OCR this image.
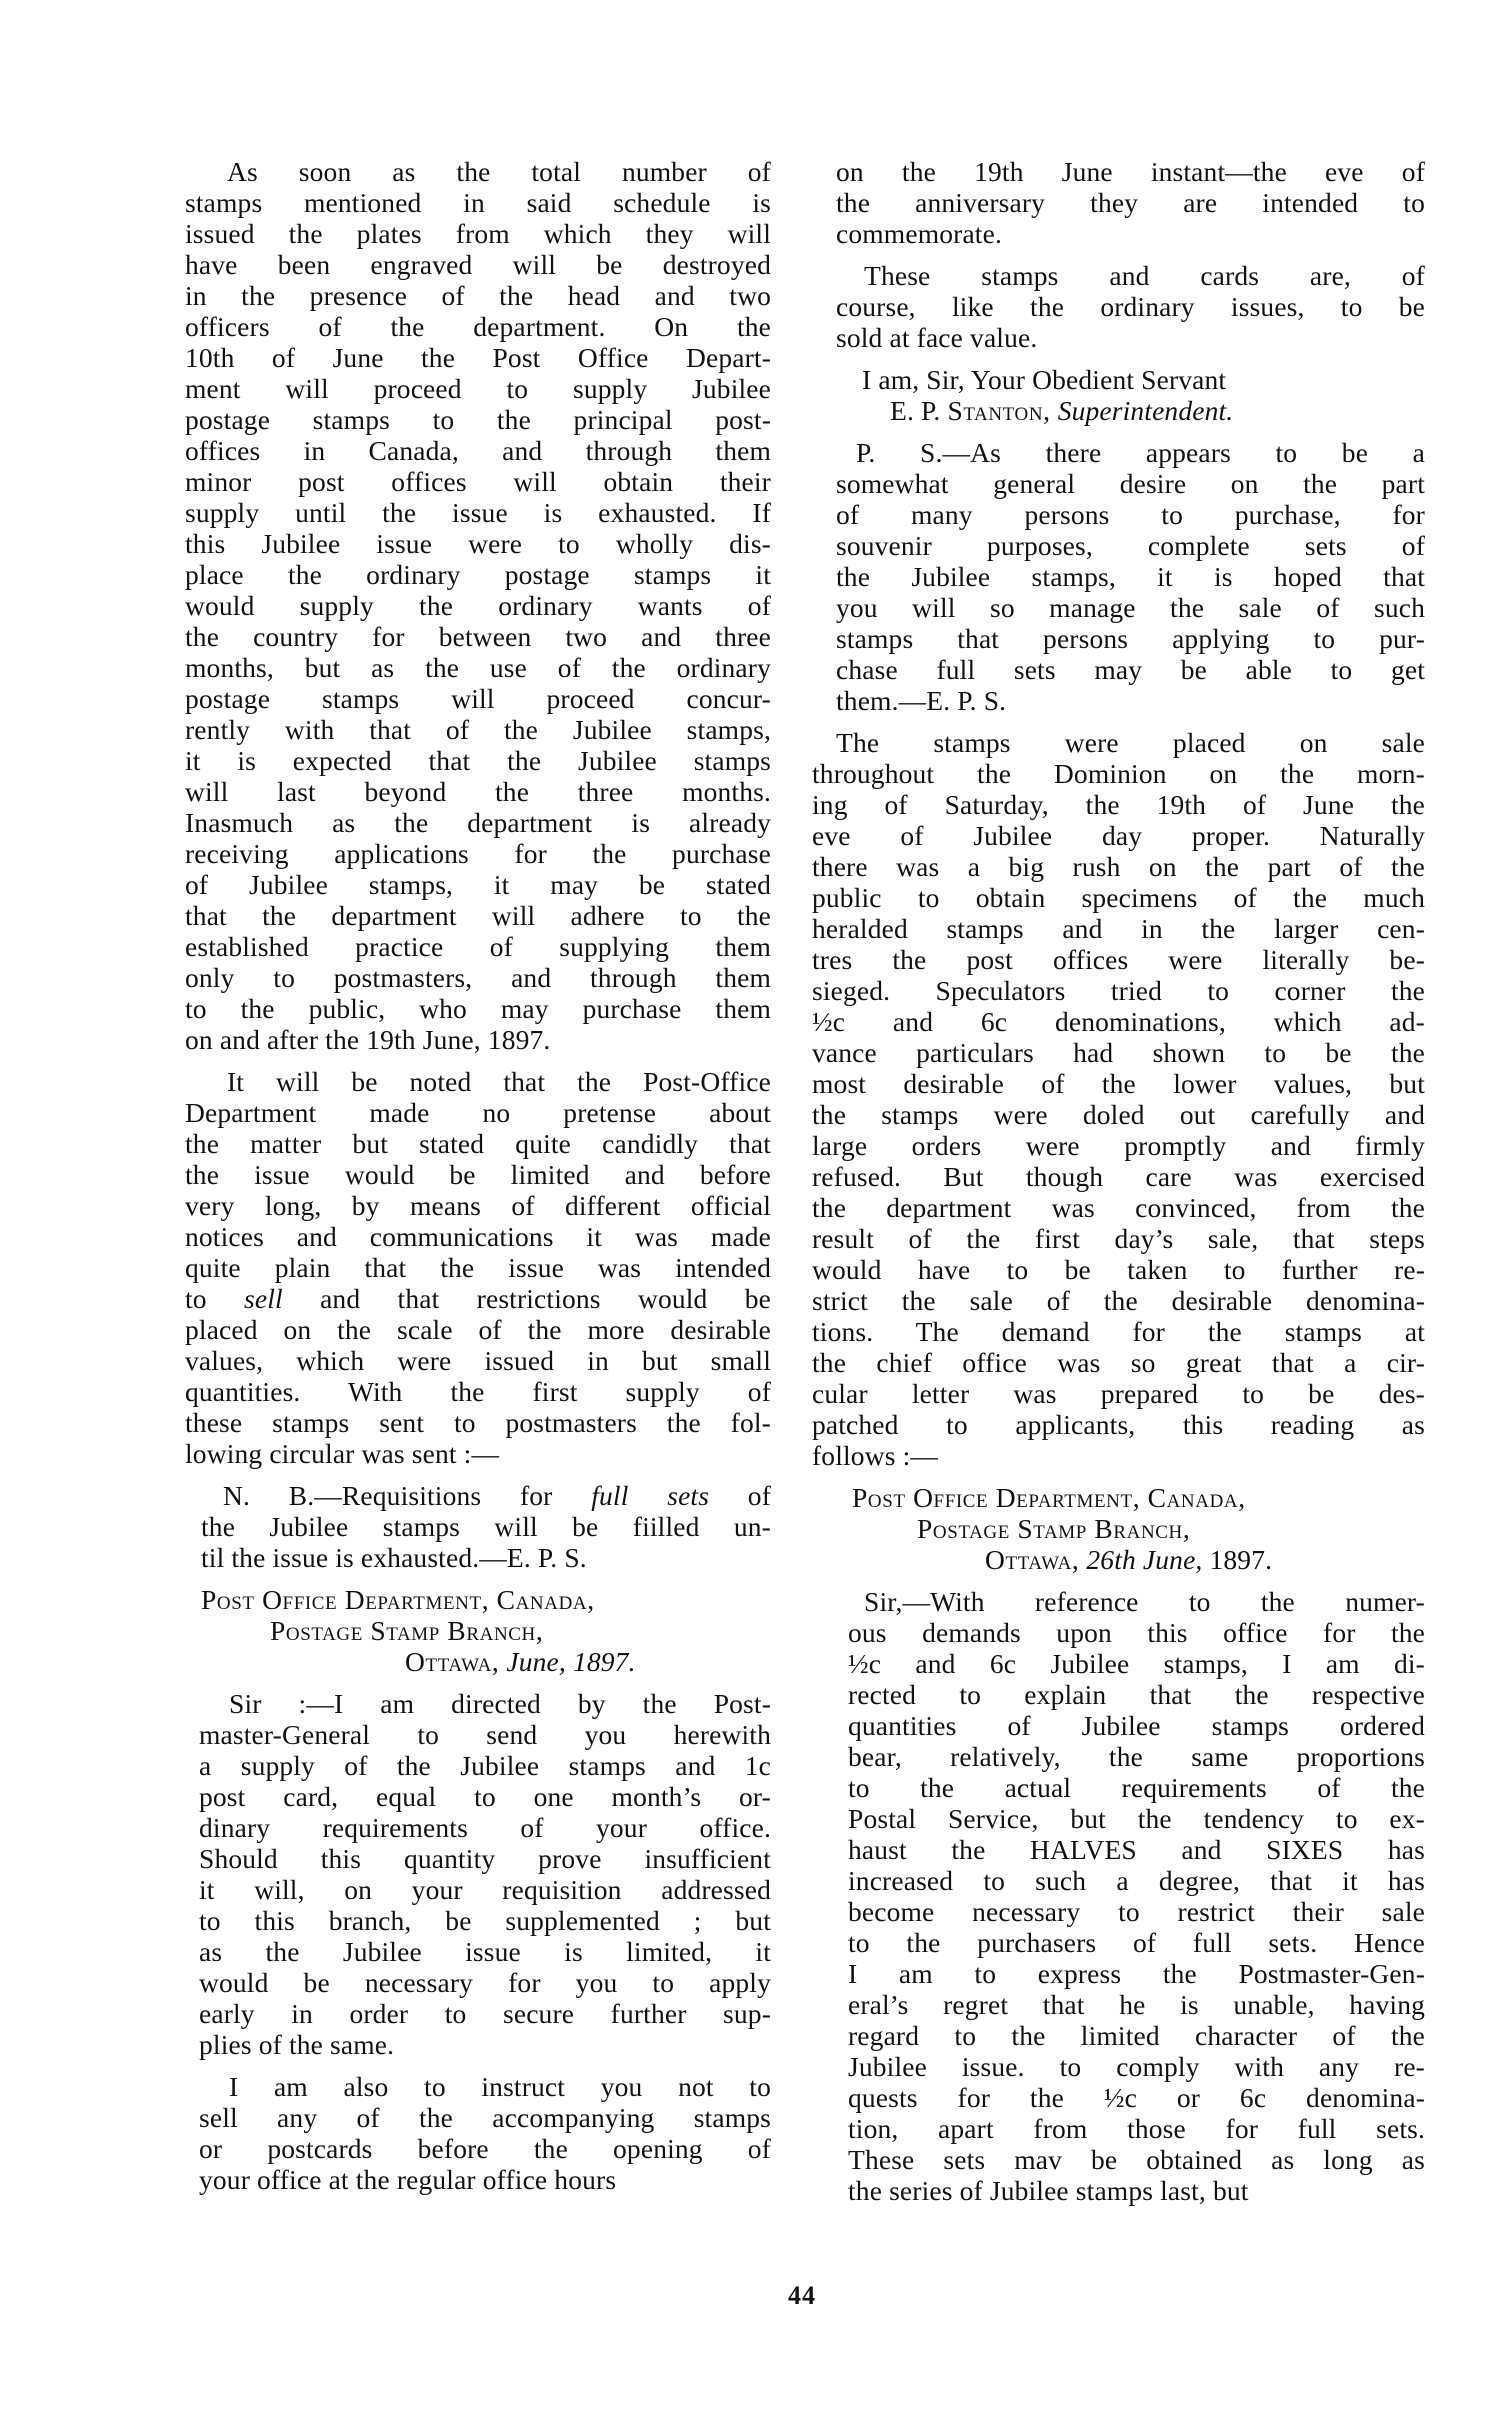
As soon as the total number of
stamps mentioned in said schedule is
issued the plates from which they will
have been engraved will be destroyed
in the presence of the head and two
officers of the department. On the
10th of June the Post Office Depart-
ment will proceed to supply Jubilee
postage stamps to the principal post-
offices in Canada, and through them
minor post offices will obtain their
supply until the issue is exhausted. If
this Jubilee issue were to wholly dis-
place the ordinary postage stamps it
would supply the ordinary wants of
the country for between two and three
months, but as the use of the ordinary
postage stamps will proceed concur-
rently with that of the Jubilee stamps,
it is expected that the Jubilee stamps
will last beyond the three months.
Inasmuch as the department is already
receiving applications for the purchase
of Jubilee stamps, it may be stated
that the department will adhere to the
established practice of supplying them
only to postmasters, and through them
to the public, who may purchase them
on and after the 19th June, 1897.
It will be noted that the Post-Office
Department made no pretense about
the matter but stated quite candidly that
the issue would be limited and before
very long, by means of different official
notices and communications it was made
quite plain that the issue was intended
to sell and that restrictions would be
placed on the scale of the more desirable
values, which were issued in but small
quantities. With the first supply of
these stamps sent to postmasters the fol-
lowing circular was sent :—
N. B.—Requisitions for full sets of
the Jubilee stamps will be fiilled un-
til the issue is exhausted.—E. P. S.
Post Office Department, Canada,
Postage Stamp Branch,
Ottawa, June, 1897.
Sir :—I am directed by the Post-
master-General to send you herewith
a supply of the Jubilee stamps and 1c
post card, equal to one month’s or-
dinary requirements of your office.
Should this quantity prove insufficient
it will, on your requisition addressed
to this branch, be supplemented ; but
as the Jubilee issue is limited, it
would be necessary for you to apply
early in order to secure further sup-
plies of the same.
I am also to instruct you not to
sell any of the accompanying stamps
or postcards before the opening of
your office at the regular office hours
on the 19th June instant—the eve of
the anniversary they are intended to
commemorate.
These stamps and cards are, of
course, like the ordinary issues, to be
sold at face value.
I am, Sir, Your Obedient Servant
E. P. Stanton, Superintendent.
P. S.—As there appears to be a
somewhat general desire on the part
of many persons to purchase, for
souvenir purposes, complete sets of
the Jubilee stamps, it is hoped that
you will so manage the sale of such
stamps that persons applying to pur-
chase full sets may be able to get
them.—E. P. S.
The stamps were placed on sale
throughout the Dominion on the morn-
ing of Saturday, the 19th of June the
eve of Jubilee day proper. Naturally
there was a big rush on the part of the
public to obtain specimens of the much
heralded stamps and in the larger cen-
tres the post offices were literally be-
sieged. Speculators tried to corner the
½c and 6c denominations, which ad-
vance particulars had shown to be the
most desirable of the lower values, but
the stamps were doled out carefully and
large orders were promptly and firmly
refused. But though care was exercised
the department was convinced, from the
result of the first day’s sale, that steps
would have to be taken to further re-
strict the sale of the desirable denomina-
tions. The demand for the stamps at
the chief office was so great that a cir-
cular letter was prepared to be des-
patched to applicants, this reading as
follows :—
Post Office Department, Canada,
Postage Stamp Branch,
Ottawa, 26th June, 1897.
Sir,—With reference to the numer-
ous demands upon this office for the
½c and 6c Jubilee stamps, I am di-
rected to explain that the respective
quantities of Jubilee stamps ordered
bear, relatively, the same proportions
to the actual requirements of the
Postal Service, but the tendency to ex-
haust the HALVES and SIXES has
increased to such a degree, that it has
become necessary to restrict their sale
to the purchasers of full sets. Hence
I am to express the Postmaster-Gen-
eral’s regret that he is unable, having
regard to the limited character of the
Jubilee issue. to comply with any re-
quests for the ½c or 6c denomina-
tion, apart from those for full sets.
These sets mav be obtained as long as
the series of Jubilee stamps last, but
44
